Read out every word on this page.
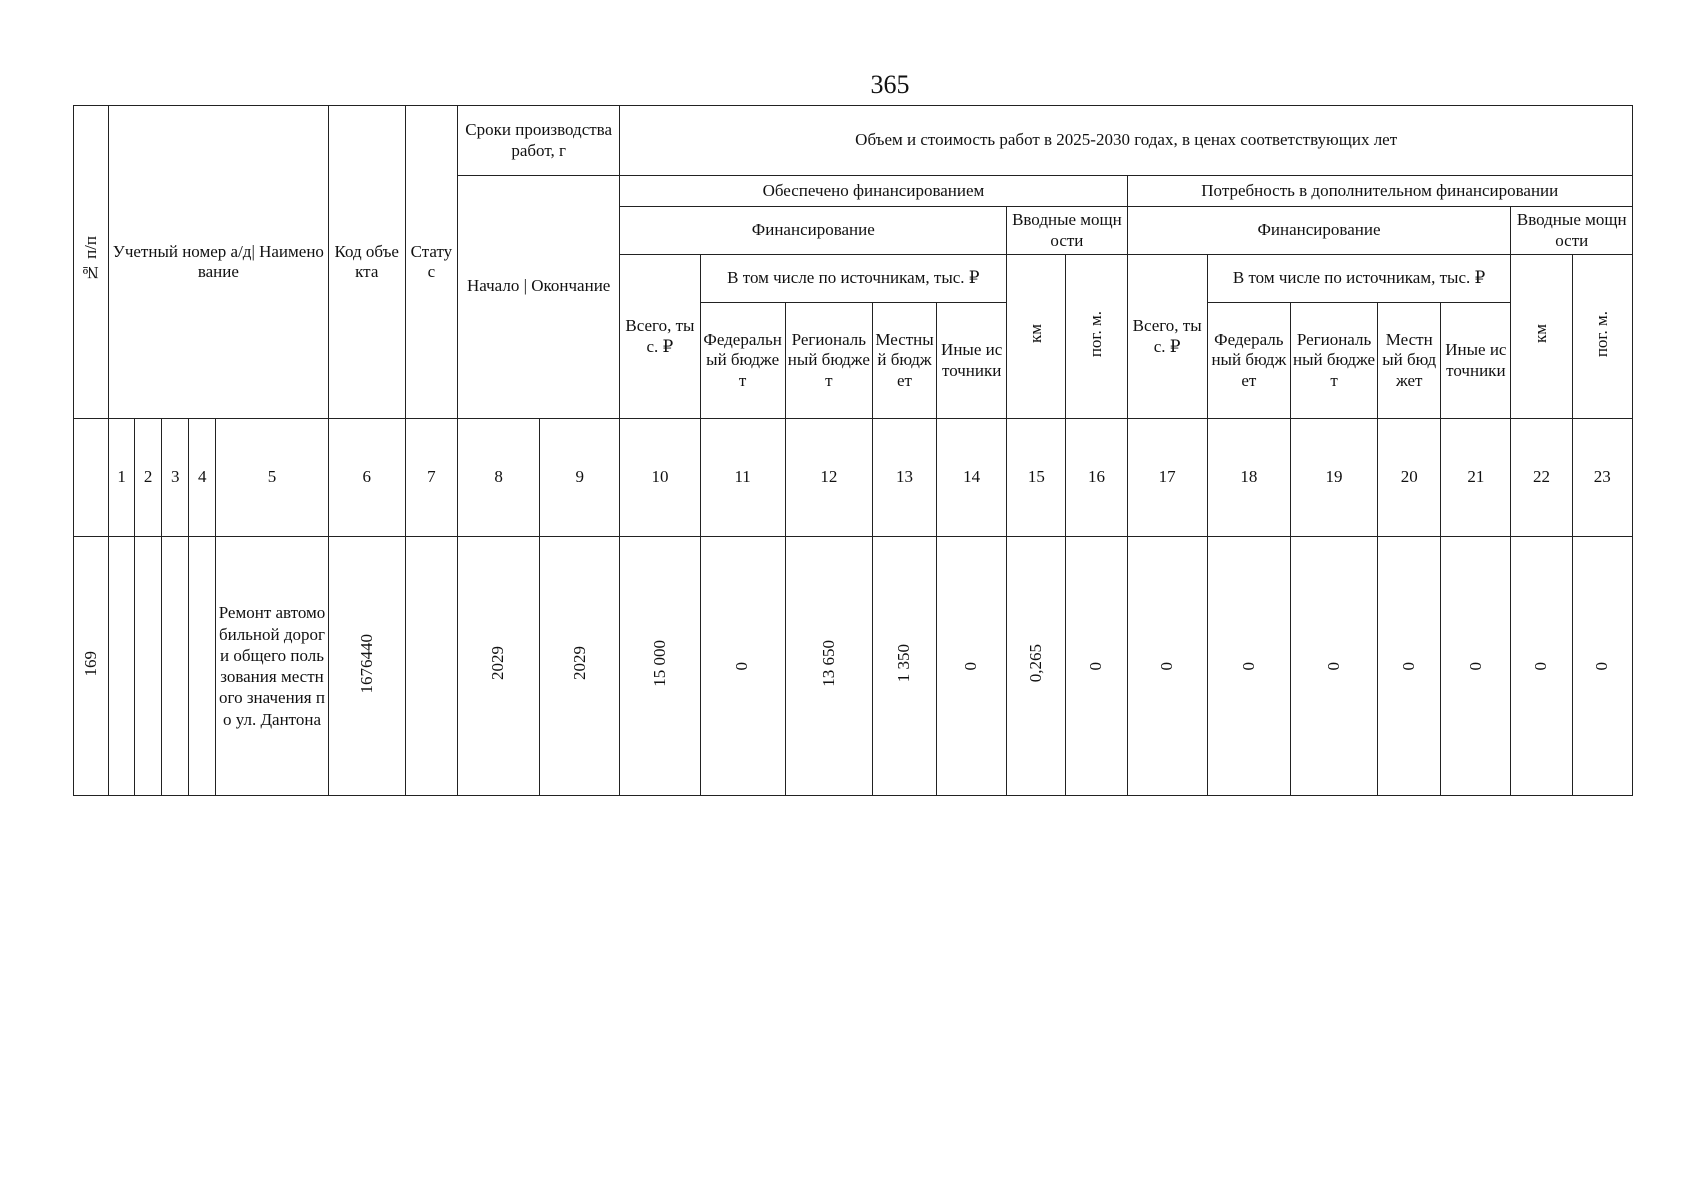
365
№ п/п	Учетный номер а/д| Наименование					Код объекта	Статус	Сроки производства работ, г		Объем и стоимость работ в 2025-2030 годах, в ценах соответствующих лет													
								Начало | Окончание		Обеспечено финансированием							Потребность в дополнительном финансировании						
										Финансирование					Вводные мощности		Финансирование					Вводные мощности	
										Всего, тыс. ₽	В том числе по источникам, тыс. ₽				км	пог. м.	Всего, тыс. ₽	В том числе по источникам, тыс. ₽				км	пог. м.
											Федеральный бюджет	Региональный бюджет	Местный бюджет	Иные источники				Федеральный бюджет	Региональный бюджет	Местный бюджет	Иные источники		
	1	2	3	4	5	6	7	8	9	10	11	12	13	14	15	16	17	18	19	20	21	22	23
169					Ремонт автомобильной дороги общего пользования местного значения по ул. Дантона	1676440		2029	2029	15 000	0	13 650	1 350	0	0,265	0	0	0	0	0	0	0	0
